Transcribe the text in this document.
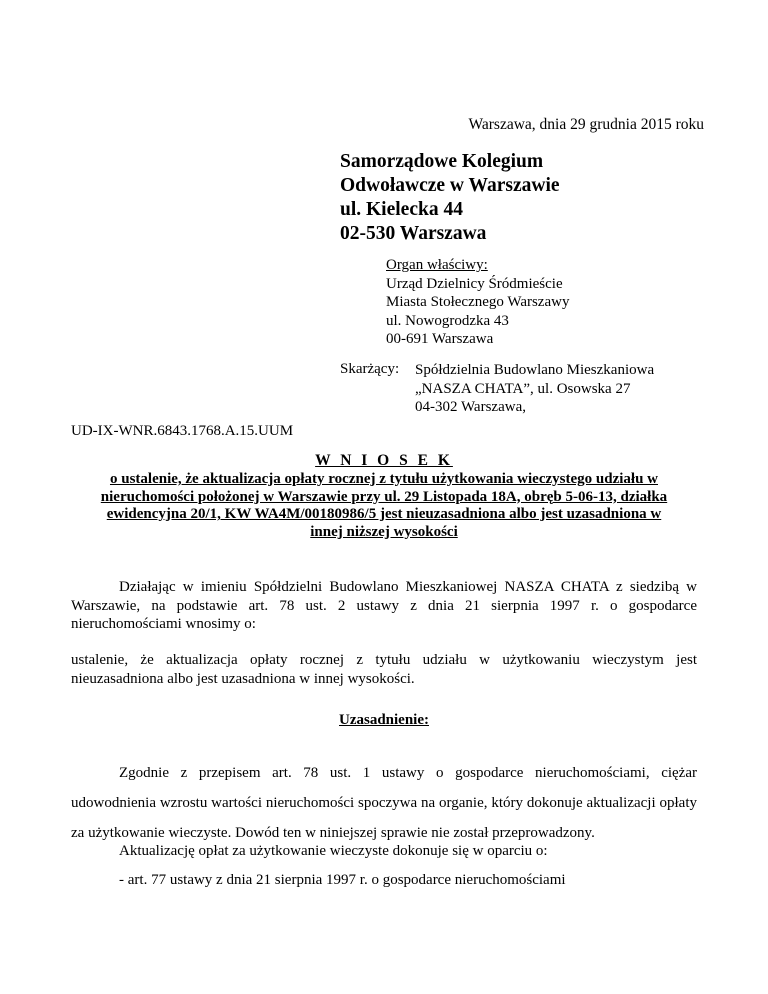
Warszawa, dnia 29 grudnia 2015 roku
Samorządowe Kolegium
Odwoławcze w Warszawie
ul. Kielecka 44
02-530 Warszawa
Organ właściwy:
Urząd Dzielnicy Śródmieście
Miasta Stołecznego Warszawy
ul. Nowogrodzka 43
00-691 Warszawa
Skarżący: Spółdzielnia Budowlano Mieszkaniowa
„NASZA CHATA”, ul. Osowska 27
04-302 Warszawa,
UD-IX-WNR.6843.1768.A.15.UUM
W N I O S E K
o ustalenie, że aktualizacja opłaty rocznej z tytułu użytkowania wieczystego udziału w
nieruchomości położonej w Warszawie przy ul. 29 Listopada 18A, obręb 5-06-13, działka
ewidencyjna 20/1, KW WA4M/00180986/5 jest nieuzasadniona albo jest uzasadniona w
innej niższej wysokości
Działając w imieniu Spółdzielni Budowlano Mieszkaniowej NASZA CHATA z siedzibą w Warszawie, na podstawie art. 78 ust. 2 ustawy z dnia 21 sierpnia 1997 r. o gospodarce nieruchomościami wnosimy o:
ustalenie, że aktualizacja opłaty rocznej z tytułu udziału w użytkowaniu wieczystym jest nieuzasadniona albo jest uzasadniona w innej wysokości.
Uzasadnienie:
Zgodnie z przepisem art. 78 ust. 1 ustawy o gospodarce nieruchomościami, ciężar udowodnienia wzrostu wartości nieruchomości spoczywa na organie, który dokonuje aktualizacji opłaty za użytkowanie wieczyste. Dowód ten w niniejszej sprawie nie został przeprowadzony.
Aktualizację opłat za użytkowanie wieczyste dokonuje się w oparciu o:
- art. 77 ustawy z dnia 21 sierpnia 1997 r. o gospodarce nieruchomościami
